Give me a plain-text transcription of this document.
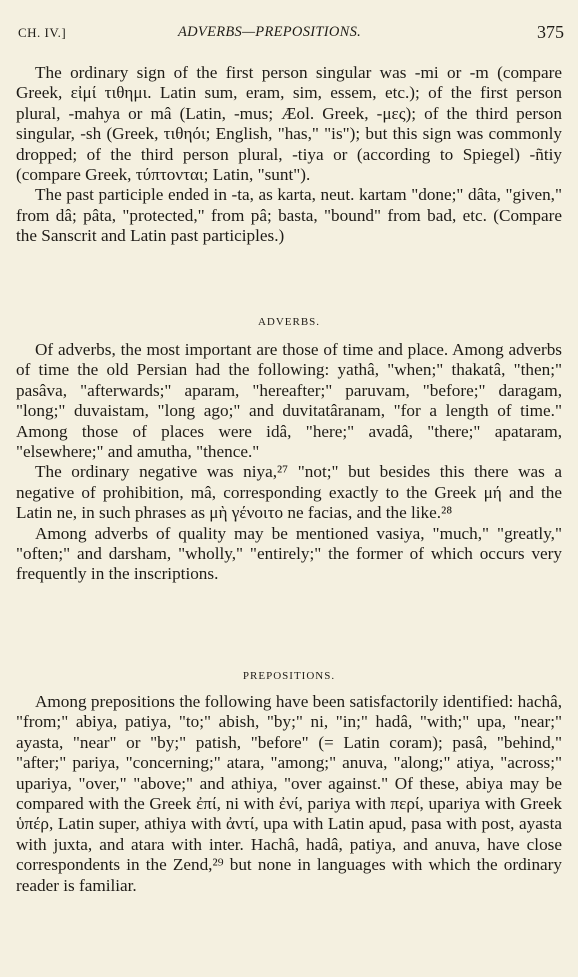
CH. IV.]	ADVERBS—PREPOSITIONS.	375

The ordinary sign of the first person singular was -mi or -m (compare Greek, εἰμί τιθημι. Latin sum, eram, sim, essem, etc.); of the first person plural, -mahya or mâ (Latin, -mus; Æol. Greek, -μες); of the third person singular, -sh (Greek, τιθηόι; English, "has," "is"); but this sign was commonly dropped; of the third person plural, -tiya or (according to Spiegel) -ñtiy (compare Greek, τύπτονται; Latin, "sunt").

The past participle ended in -ta, as karta, neut. kartam "done;" dâta, "given," from dâ; pâta, "protected," from pâ; basta, "bound" from bad, etc. (Compare the Sanscrit and Latin past participles.)

ADVERBS.

Of adverbs, the most important are those of time and place. Among adverbs of time the old Persian had the following: yathâ, "when;" thakatâ, "then;" pasâva, "afterwards;" aparam, "hereafter;" paruvam, "before;" daragam, "long;" duvaistam, "long ago;" and duvitatâranam, "for a length of time." Among those of places were idâ, "here;" avadâ, "there;" apataram, "elsewhere;" and amutha, "thence."

The ordinary negative was niya,²⁷ "not;" but besides this there was a negative of prohibition, mâ, corresponding exactly to the Greek μή and the Latin ne, in such phrases as μὴ γένοιτο ne facias, and the like.²⁸

Among adverbs of quality may be mentioned vasiya, "much," "greatly," "often;" and darsham, "wholly," "entirely;" the former of which occurs very frequently in the inscriptions.

PREPOSITIONS.

Among prepositions the following have been satisfactorily identified: hachâ, "from;" abiya, patiya, "to;" abish, "by;" ni, "in;" hadâ, "with;" upa, "near;" ayasta, "near" or "by;" patish, "before" (= Latin coram); pasâ, "behind," "after;" pariya, "concerning;" atara, "among;" anuva, "along;" atiya, "across;" upariya, "over," "above;" and athiya, "over against." Of these, abiya may be compared with the Greek ἐπί, ni with ἐνί, pariya with περί, upariya with Greek ὑπέρ, Latin super, athiya with ἀντί, upa with Latin apud, pasa with post, ayasta with juxta, and atara with inter. Hachâ, hadâ, patiya, and anuva, have close correspondents in the Zend,²⁹ but none in languages with which the ordinary reader is familiar.
